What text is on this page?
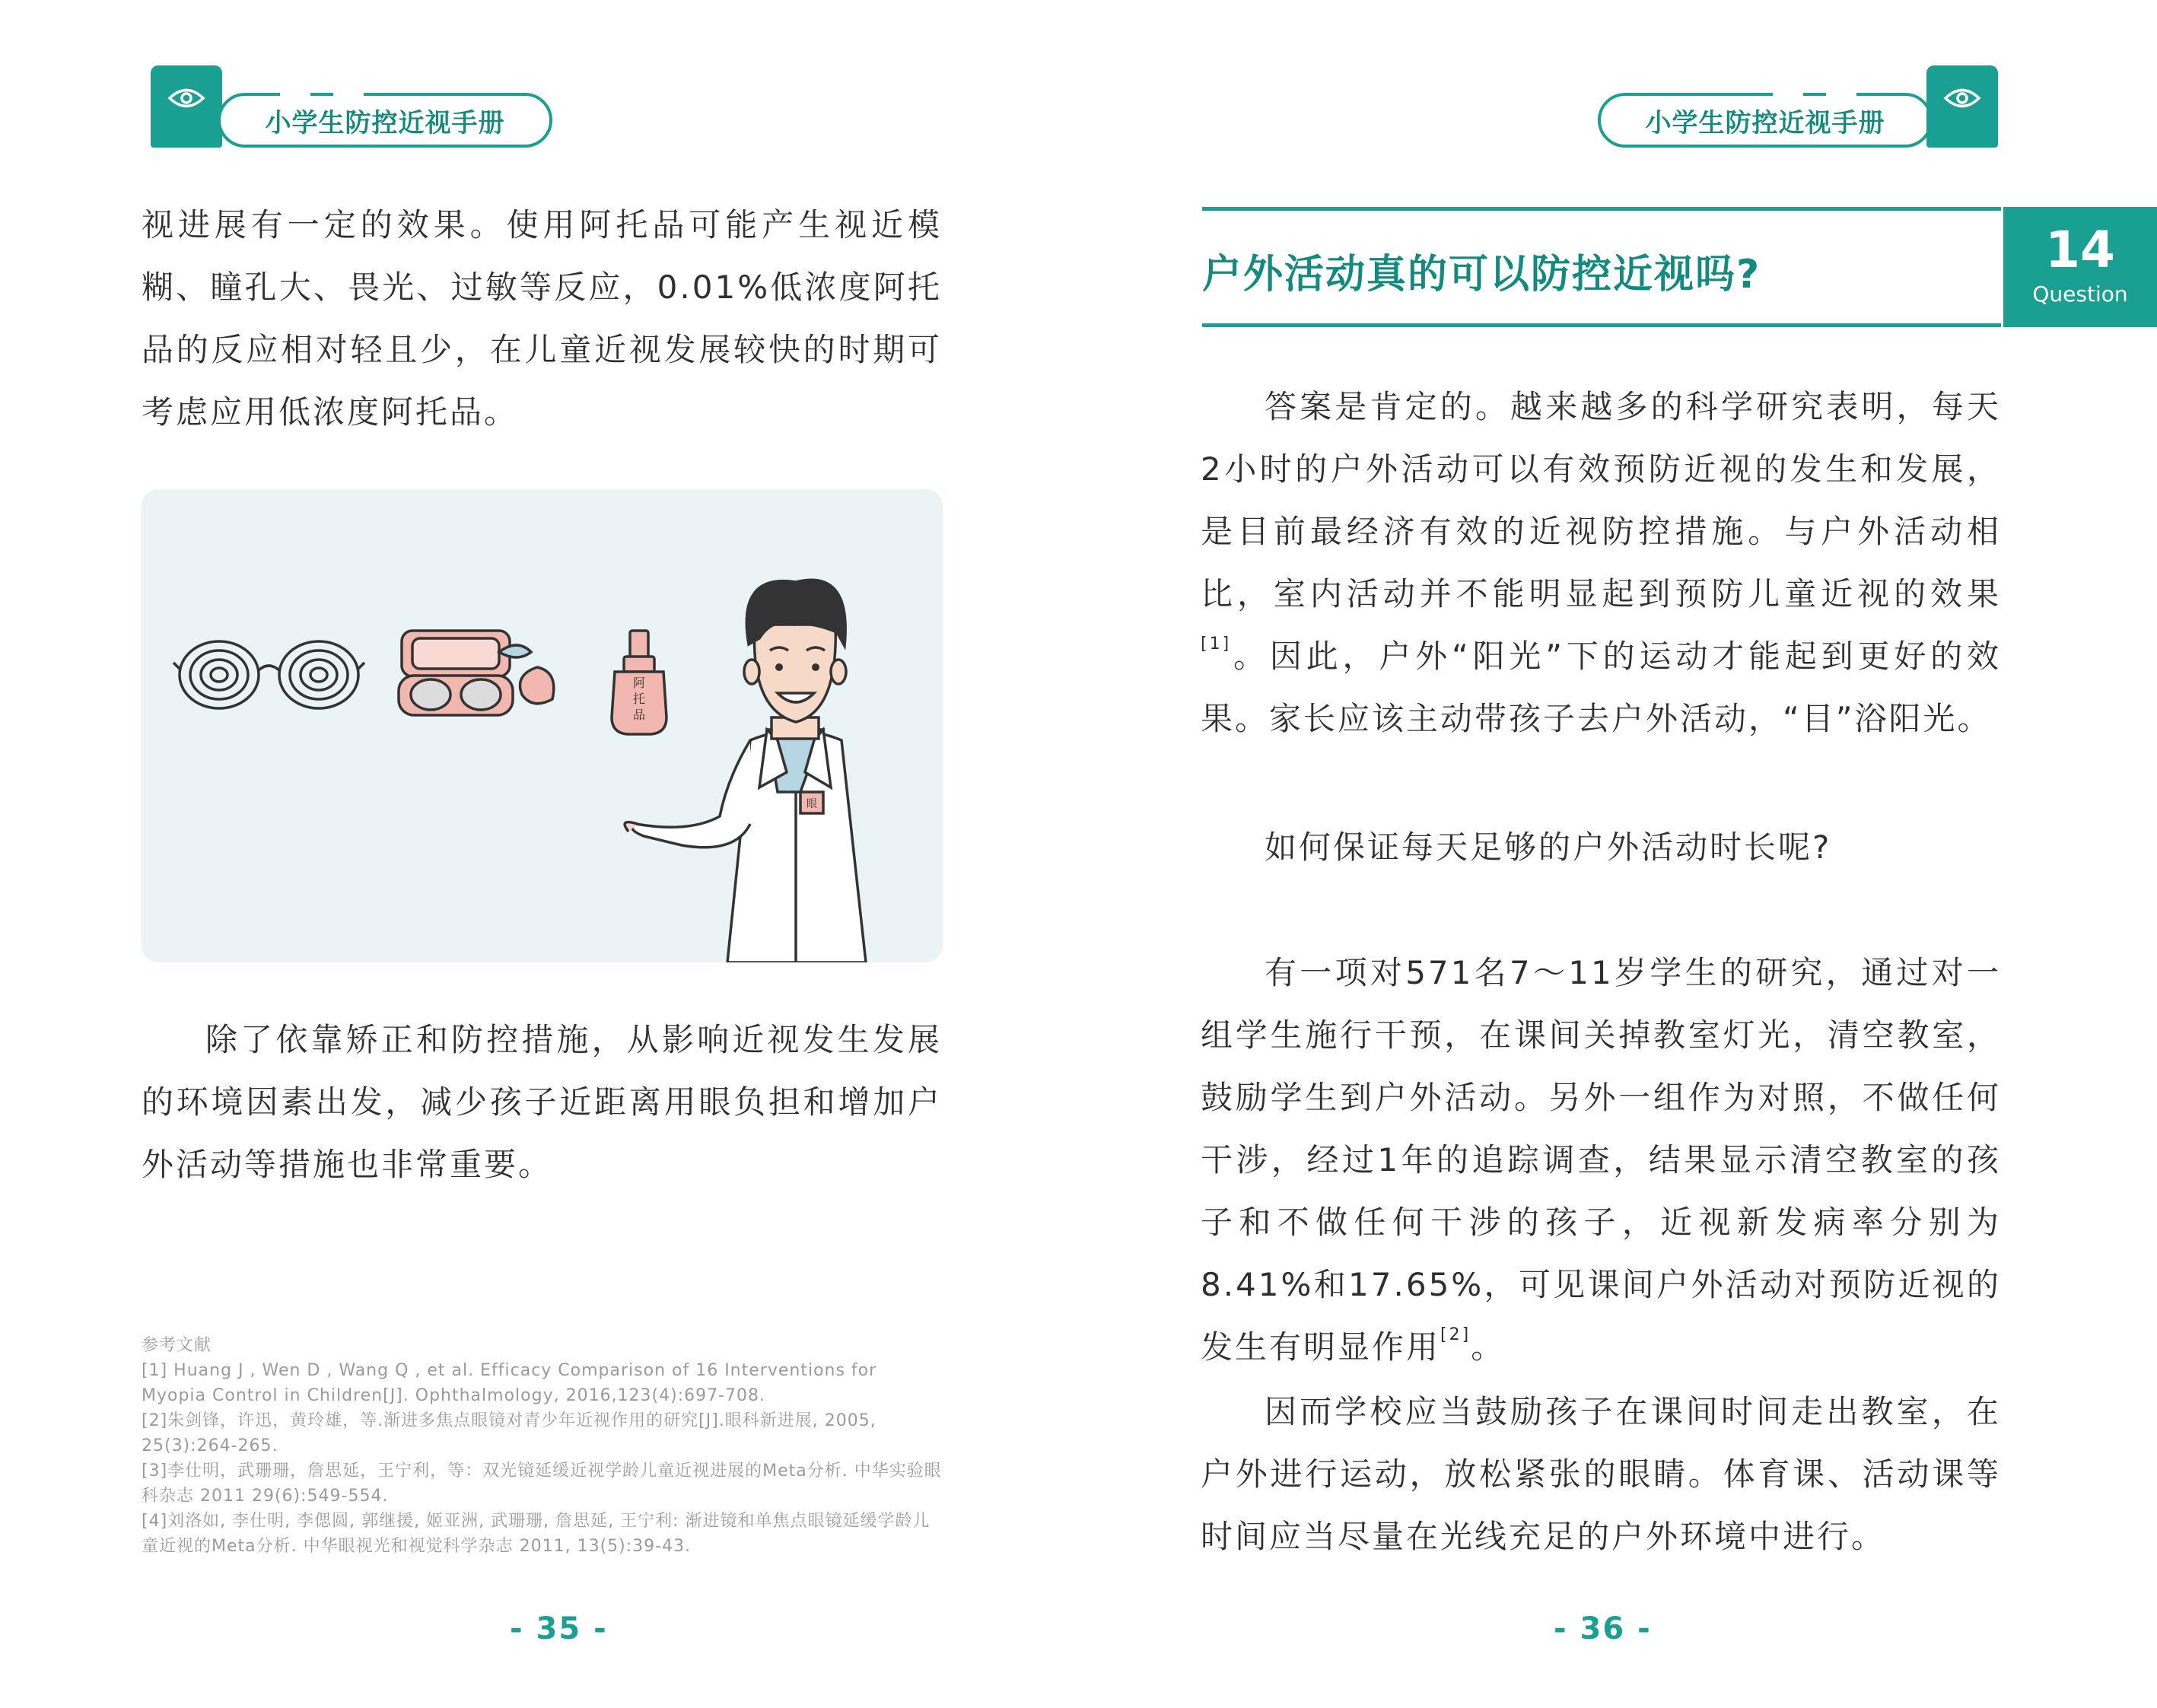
小学生防控近视手册

视进展有一定的效果。使用阿托品可能产生视近模糊、瞳孔大、畏光、过敏等反应，0.01%低浓度阿托品的反应相对轻且少，在儿童近视发展较快的时期可考虑应用低浓度阿托品。

阿
托
品
眼

除了依靠矫正和防控措施，从影响近视发生发展的环境因素出发，减少孩子近距离用眼负担和增加户外活动等措施也非常重要。

参考文献

[1] Huang J , Wen D , Wang Q , et al. Efficacy Comparison of 16 Interventions for Myopia Control in Children[J]. Ophthalmology, 2016,123(4):697-708.

[2]朱剑锋，许迅，黄玲雄，等.渐进多焦点眼镜对青少年近视作用的研究[J].眼科新进展, 2005, 25(3):264-265.

[3]李仕明，武珊珊，詹思延，王宁利，等：双光镜延缓近视学龄儿童近视进展的Meta分析. 中华实验眼科杂志 2011 29(6):549-554.

[4]刘洛如, 李仕明, 李偲圆, 郭继援, 姬亚洲, 武珊珊, 詹思延, 王宁利: 渐进镜和单焦点眼镜延缓学龄儿童近视的Meta分析. 中华眼视光和视觉科学杂志 2011, 13(5):39-43.

- 35 -
小学生防控近视手册
户外活动真的可以防控近视吗?	14
Question

答案是肯定的。越来越多的科学研究表明，每天2小时的户外活动可以有效预防近视的发生和发展，是目前最经济有效的近视防控措施。与户外活动相比，室内活动并不能明显起到预防儿童近视的效果[1]。因此，户外“阳光”下的运动才能起到更好的效果。家长应该主动带孩子去户外活动，“目”浴阳光。

如何保证每天足够的户外活动时长呢?

有一项对571名7～11岁学生的研究，通过对一组学生施行干预，在课间关掉教室灯光，清空教室，鼓励学生到户外活动。另外一组作为对照，不做任何干涉，经过1年的追踪调查，结果显示清空教室的孩子和不做任何干涉的孩子，近视新发病率分别为8.41%和17.65%，可见课间户外活动对预防近视的发生有明显作用[2]。

因而学校应当鼓励孩子在课间时间走出教室，在户外进行运动，放松紧张的眼睛。体育课、活动课等时间应当尽量在光线充足的户外环境中进行。

- 36 -
